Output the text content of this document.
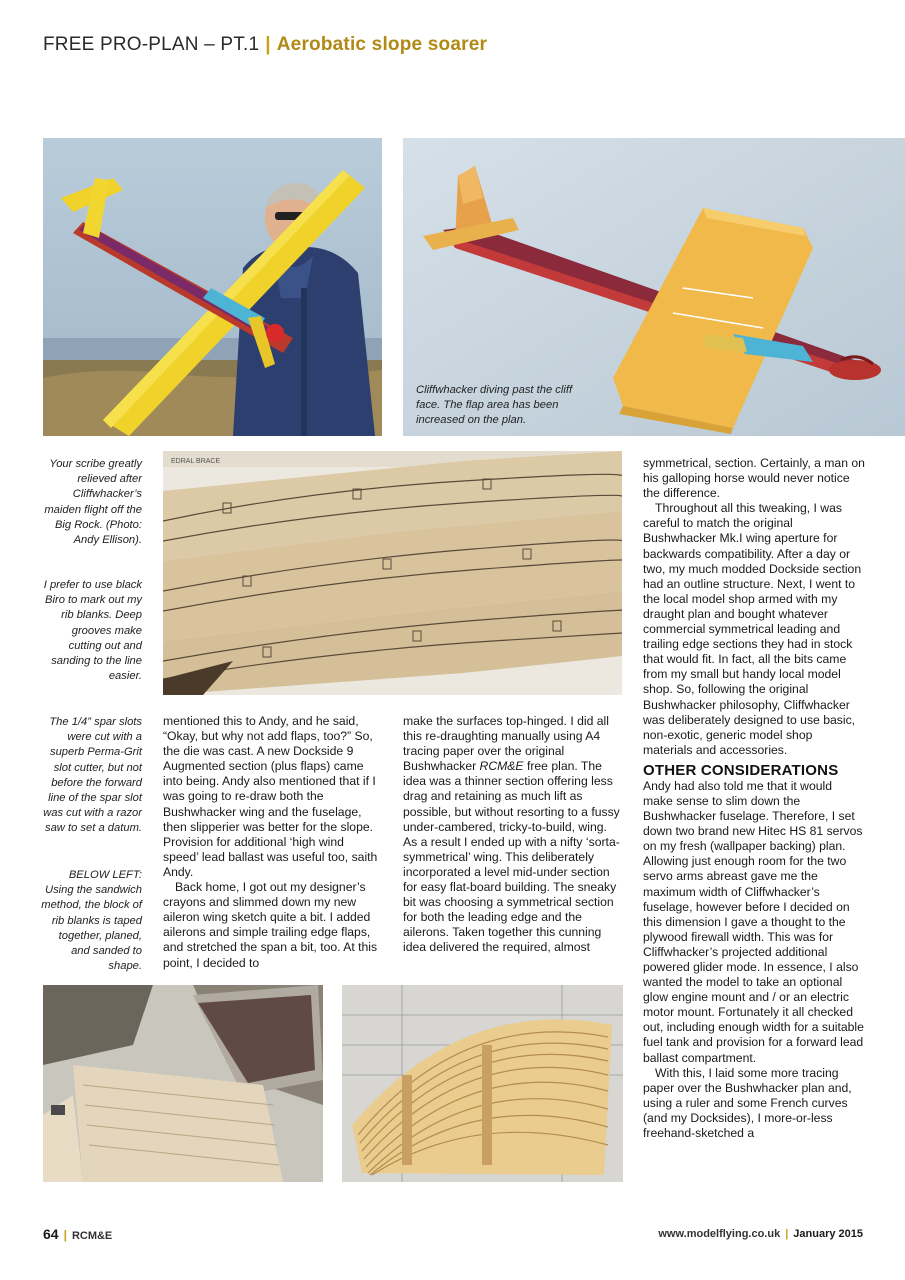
FREE PRO-PLAN – PT.1 | Aerobatic slope soarer
Cliffwhacker diving past the cliff face. The flap area has been increased on the plan.
EDRAL BRACE
Your scribe greatly relieved after Cliffwhacker’s maiden flight off the Big Rock. (Photo: Andy Ellison).
I prefer to use black Biro to mark out my rib blanks. Deep grooves make cutting out and sanding to the line easier.
The 1/4” spar slots were cut with a superb Perma-Grit slot cutter, but not before the forward line of the spar slot was cut with a razor saw to set a datum.
BELOW LEFT: Using the sandwich method, the block of rib blanks is taped together, planed, and sanded to shape.

mentioned this to Andy, and he said, “Okay, but why not add flaps, too?” So, the die was cast. A new Dockside 9 Augmented section (plus flaps) came into being. Andy also mentioned that if I was going to re-draw both the Bushwhacker wing and the fuselage, then slipperier was better for the slope. Provision for additional ‘high wind speed’ lead ballast was useful too, saith Andy.

Back home, I got out my designer’s crayons and slimmed down my new aileron wing sketch quite a bit. I added ailerons and simple trailing edge flaps, and stretched the span a bit, too. At this point, I decided to

make the surfaces top-hinged. I did all this re-draughting manually using A4 tracing paper over the original Bushwhacker RCM&E free plan. The idea was a thinner section offering less drag and retaining as much lift as possible, but without resorting to a fussy under-cambered, tricky-to-build, wing. As a result I ended up with a nifty ‘sorta-symmetrical’ wing. This deliberately incorporated a level mid-under section for easy flat-board building. The sneaky bit was choosing a symmetrical section for both the leading edge and the ailerons. Taken together this cunning idea delivered the required, almost

symmetrical, section. Certainly, a man on his galloping horse would never notice the difference.

Throughout all this tweaking, I was careful to match the original Bushwhacker Mk.I wing aperture for backwards compatibility. After a day or two, my much modded Dockside section had an outline structure. Next, I went to the local model shop armed with my draught plan and bought whatever commercial symmetrical leading and trailing edge sections they had in stock that would fit. In fact, all the bits came from my small but handy local model shop. So, following the original Bushwhacker philosophy, Cliffwhacker was deliberately designed to use basic, non-exotic, generic model shop materials and accessories.

OTHER CONSIDERATIONS

Andy had also told me that it would make sense to slim down the Bushwhacker fuselage. Therefore, I set down two brand new Hitec HS 81 servos on my fresh (wallpaper backing) plan. Allowing just enough room for the two servo arms abreast gave me the maximum width of Cliffwhacker’s fuselage, however before I decided on this dimension I gave a thought to the plywood firewall width. This was for Cliffwhacker’s projected additional powered glider mode. In essence, I also wanted the model to take an optional glow engine mount and / or an electric motor mount. Fortunately it all checked out, including enough width for a suitable fuel tank and provision for a forward lead ballast compartment.

With this, I laid some more tracing paper over the Bushwhacker plan and, using a ruler and some French curves (and my Docksides), I more-or-less freehand-sketched a

64 | RCM&E	www.modelflying.co.uk | January 2015
